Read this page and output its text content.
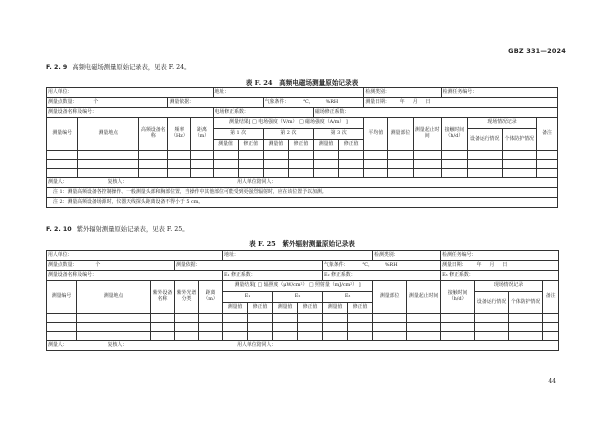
GBZ 331—2024
F. 2. 9 高频电磁场测量原始记录表，见表 F. 24。
表 F. 24　高频电磁场测量原始记录表
用人单位：					地址：						检测类别：			检测任务编号：			
测量点数量： 个			测量依据：				气象条件： ℃， %RH				测量日期： 年 月 日						
测量设备名称及编号：					电场修正系数：				磁场修正系数：								
测量编号	测量地点	高频设备名称	频率（Hz）	距离（m）	测量结果[ □ 电场强度（V/m） □ 磁场强度（A/m） ]						平均值	测量部位	测量起止时间	接触时间（h/d）	现场情况记录		备注
					第 1 次		第 2 次		第 3 次						设备运行情况	个体防护情况	
					测量值	修正值	测量值	修正值	测量值	修正值							

测量人： 复核人： 用人单位陪同人：																	
注 1：测量高频设备各控制操作、一般测量头部和胸部位置，当操作中其他部位可能受到更强烈辐射时，应在该位置予以加测。																	
注 2：测量高频设备场源时，仪器天线探头距离设备不得小于 5 cm。																	
F. 2. 10 紫外辐射测量原始记录表，见表 F. 25。
表 F. 25　紫外辐射测量原始记录表
用人单位：					地址：						检测类别：		检测任务编号：			
测量点数量： 个			测量依据：						气象条件： ℃， %RH				测量日期： 年 月 日			
测量设备名称及编号：					E₁ 修正系数：				E₂ 修正系数：				E₃ 修正系数：			
测量编号	测量地点	紫外设备名称	紫外光谱分类	距离（m）	测量结果[ □ 辐照度（μW/cm²） □ 照射量（mJ/cm²） ]						测量部位	测量起止时间	接触时间（h/d）	现场情况记录		备注
					E₁		E₂		E₃					设备运行情况	个体防护情况	
					测量值	修正值	测量值	修正值	测量值	修正值						

测量人： 复核人： 用人单位陪同人：																
44
